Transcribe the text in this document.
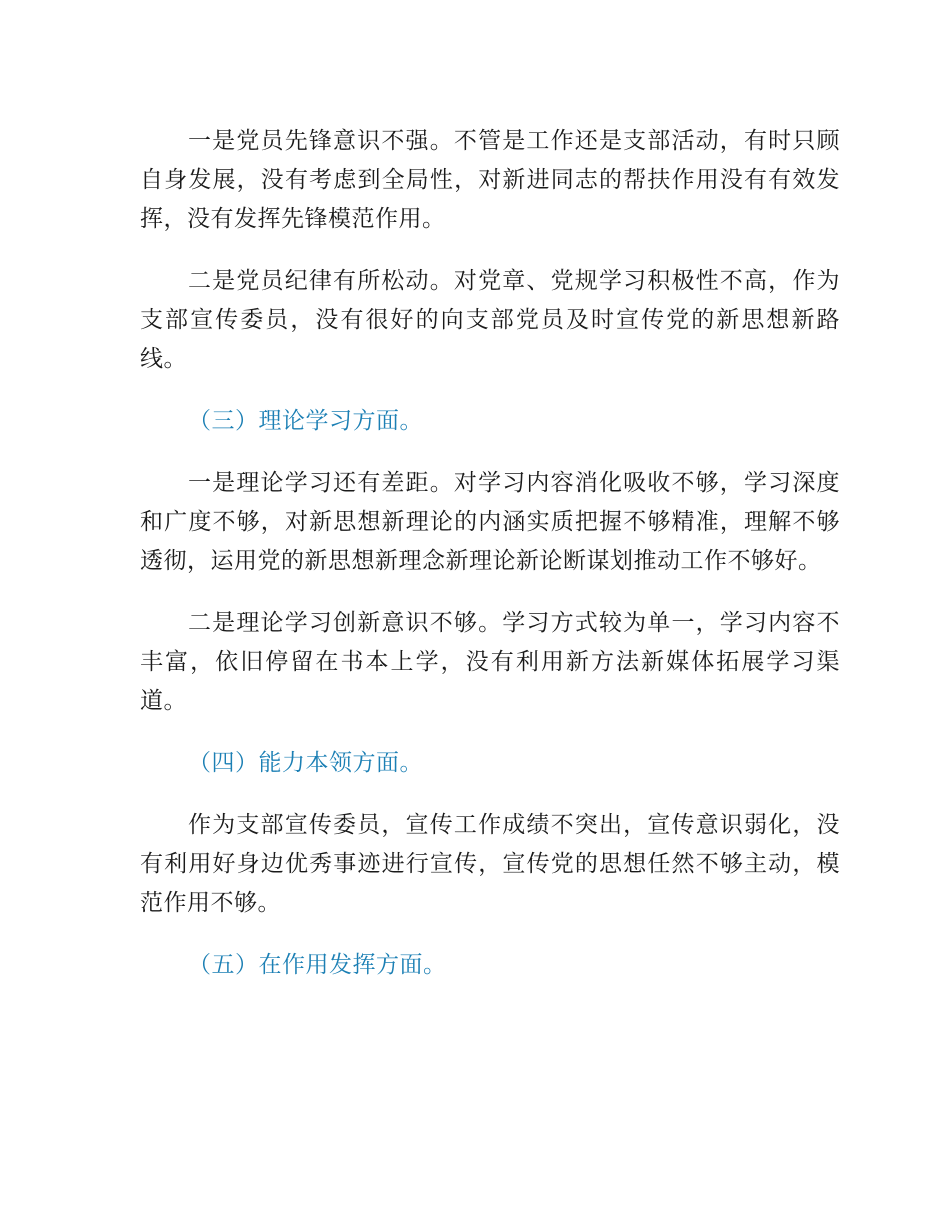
一是党员先锋意识不强。不管是工作还是支部活动，有时只顾自身发展，没有考虑到全局性，对新进同志的帮扶作用没有有效发挥，没有发挥先锋模范作用。

二是党员纪律有所松动。对党章、党规学习积极性不高，作为支部宣传委员，没有很好的向支部党员及时宣传党的新思想新路线。

（三）理论学习方面。

一是理论学习还有差距。对学习内容消化吸收不够，学习深度和广度不够，对新思想新理论的内涵实质把握不够精准，理解不够透彻，运用党的新思想新理念新理论新论断谋划推动工作不够好。

二是理论学习创新意识不够。学习方式较为单一，学习内容不丰富，依旧停留在书本上学，没有利用新方法新媒体拓展学习渠道。

（四）能力本领方面。

作为支部宣传委员，宣传工作成绩不突出，宣传意识弱化，没有利用好身边优秀事迹进行宣传，宣传党的思想任然不够主动，模范作用不够。

（五）在作用发挥方面。
